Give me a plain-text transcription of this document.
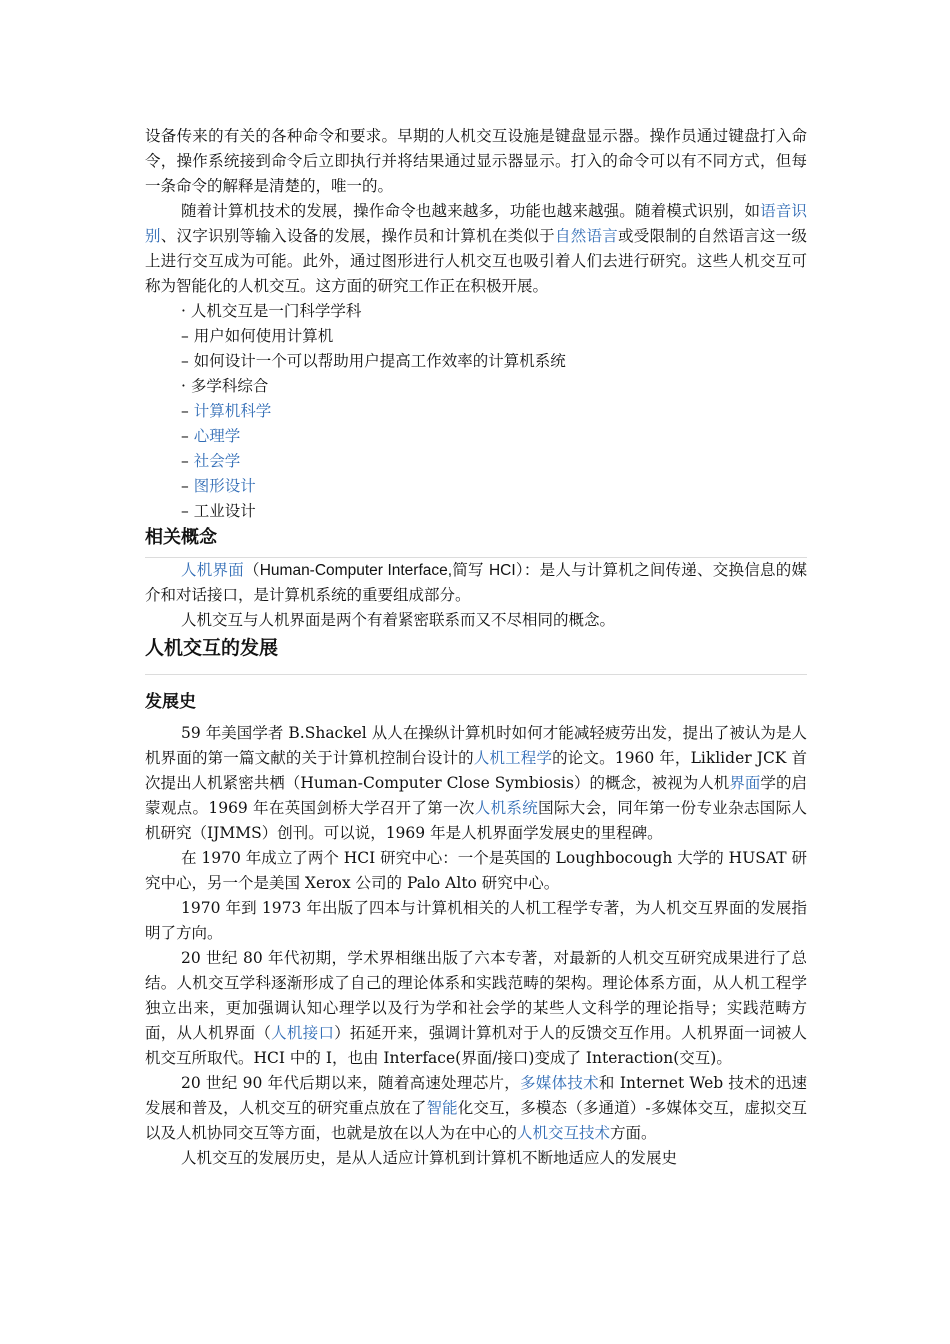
设备传来的有关的各种命令和要求。早期的人机交互设施是键盘显示器。操作员通过键盘打入命令，操作系统接到命令后立即执行并将结果通过显示器显示。打入的命令可以有不同方式，但每一条命令的解释是清楚的，唯一的。

随着计算机技术的发展，操作命令也越来越多，功能也越来越强。随着模式识别，如语音识别、汉字识别等输入设备的发展，操作员和计算机在类似于自然语言或受限制的自然语言这一级上进行交互成为可能。此外，通过图形进行人机交互也吸引着人们去进行研究。这些人机交互可称为智能化的人机交互。这方面的研究工作正在积极开展。

· 人机交互是一门科学学科
– 用户如何使用计算机
– 如何设计一个可以帮助用户提高工作效率的计算机系统
· 多学科综合
– 计算机科学
– 心理学
– 社会学
– 图形设计
– 工业设计
相关概念

人机界面（Human-Computer Interface,简写 HCI）：是人与计算机之间传递、交换信息的媒介和对话接口，是计算机系统的重要组成部分。

人机交互与人机界面是两个有着紧密联系而又不尽相同的概念。

人机交互的发展
发展史

59 年美国学者 B.Shackel 从人在操纵计算机时如何才能减轻疲劳出发，提出了被认为是人机界面的第一篇文献的关于计算机控制台设计的人机工程学的论文。1960 年，Liklider JCK 首次提出人机紧密共栖（Human-Computer Close Symbiosis）的概念，被视为人机界面学的启蒙观点。1969 年在英国剑桥大学召开了第一次人机系统国际大会，同年第一份专业杂志国际人机研究（IJMMS）创刊。可以说，1969 年是人机界面学发展史的里程碑。

在 1970 年成立了两个 HCI 研究中心：一个是英国的 Loughbocough 大学的 HUSAT 研究中心，另一个是美国 Xerox 公司的 Palo Alto 研究中心。

1970 年到 1973 年出版了四本与计算机相关的人机工程学专著，为人机交互界面的发展指明了方向。

20 世纪 80 年代初期，学术界相继出版了六本专著，对最新的人机交互研究成果进行了总结。人机交互学科逐渐形成了自己的理论体系和实践范畴的架构。理论体系方面，从人机工程学独立出来，更加强调认知心理学以及行为学和社会学的某些人文科学的理论指导；实践范畴方面，从人机界面（人机接口）拓延开来，强调计算机对于人的反馈交互作用。人机界面一词被人机交互所取代。HCI 中的 I，也由 Interface(界面/接口)变成了 Interaction(交互)。

20 世纪 90 年代后期以来，随着高速处理芯片，多媒体技术和 Internet Web 技术的迅速发展和普及，人机交互的研究重点放在了智能化交互，多模态（多通道）-多媒体交互，虚拟交互以及人机协同交互等方面，也就是放在以人为在中心的人机交互技术方面。

人机交互的发展历史，是从人适应计算机到计算机不断地适应人的发展史
